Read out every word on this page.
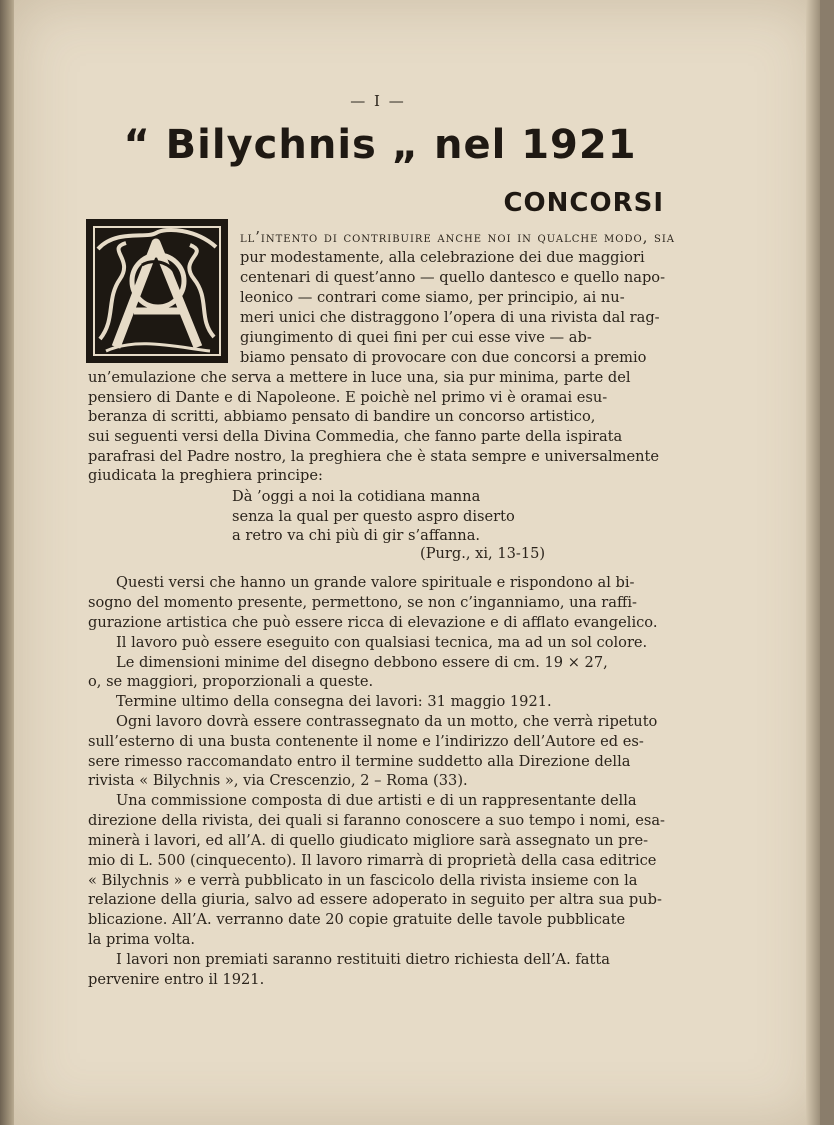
— I —
“ Bilychnis „ nel 1921
CONCORSI
ll’intento di contribuire anche noi in qualche modo, sia
pur modestamente, alla celebrazione dei due maggiori
centenari di quest’anno — quello dantesco e quello napo-
leonico — contrari come siamo, per principio, ai nu-
meri unici che distraggono l’opera di una rivista dal rag-
giungimento di quei fini per cui esse vive — ab-
biamo pensato di provocare con due concorsi a premio
un’emulazione che serva a mettere in luce una, sia pur minima, parte del
pensiero di Dante e di Napoleone. E poichè nel primo vi è oramai esu-
beranza di scritti, abbiamo pensato di bandire un concorso artistico,
sui seguenti versi della Divina Commedia, che fanno parte della ispirata
parafrasi del Padre nostro, la preghiera che è stata sempre e universalmente
giudicata la preghiera principe:
Dà ’oggi a noi la cotidiana manna
senza la qual per questo aspro diserto
a retro va chi più di gir s’affanna.
(Purg., xi, 13-15)
Questi versi che hanno un grande valore spirituale e rispondono al bi-
sogno del momento presente, permettono, se non c’inganniamo, una raffi-
gurazione artistica che può essere ricca di elevazione e di afflato evangelico.
Il lavoro può essere eseguito con qualsiasi tecnica, ma ad un sol colore.
Le dimensioni minime del disegno debbono essere di cm. 19 × 27,
o, se maggiori, proporzionali a queste.
Termine ultimo della consegna dei lavori: 31 maggio 1921.
Ogni lavoro dovrà essere contrassegnato da un motto, che verrà ripetuto
sull’esterno di una busta contenente il nome e l’indirizzo dell’Autore ed es-
sere rimesso raccomandato entro il termine suddetto alla Direzione della
rivista « Bilychnis », via Crescenzio, 2 – Roma (33).
Una commissione composta di due artisti e di un rappresentante della
direzione della rivista, dei quali si faranno conoscere a suo tempo i nomi, esa-
minerà i lavori, ed all’A. di quello giudicato migliore sarà assegnato un pre-
mio di L. 500 (cinquecento). Il lavoro rimarrà di proprietà della casa editrice
« Bilychnis » e verrà pubblicato in un fascicolo della rivista insieme con la
relazione della giuria, salvo ad essere adoperato in seguito per altra sua pub-
blicazione. All’A. verranno date 20 copie gratuite delle tavole pubblicate
la prima volta.
I lavori non premiati saranno restituiti dietro richiesta dell’A. fatta
pervenire entro il 1921.
